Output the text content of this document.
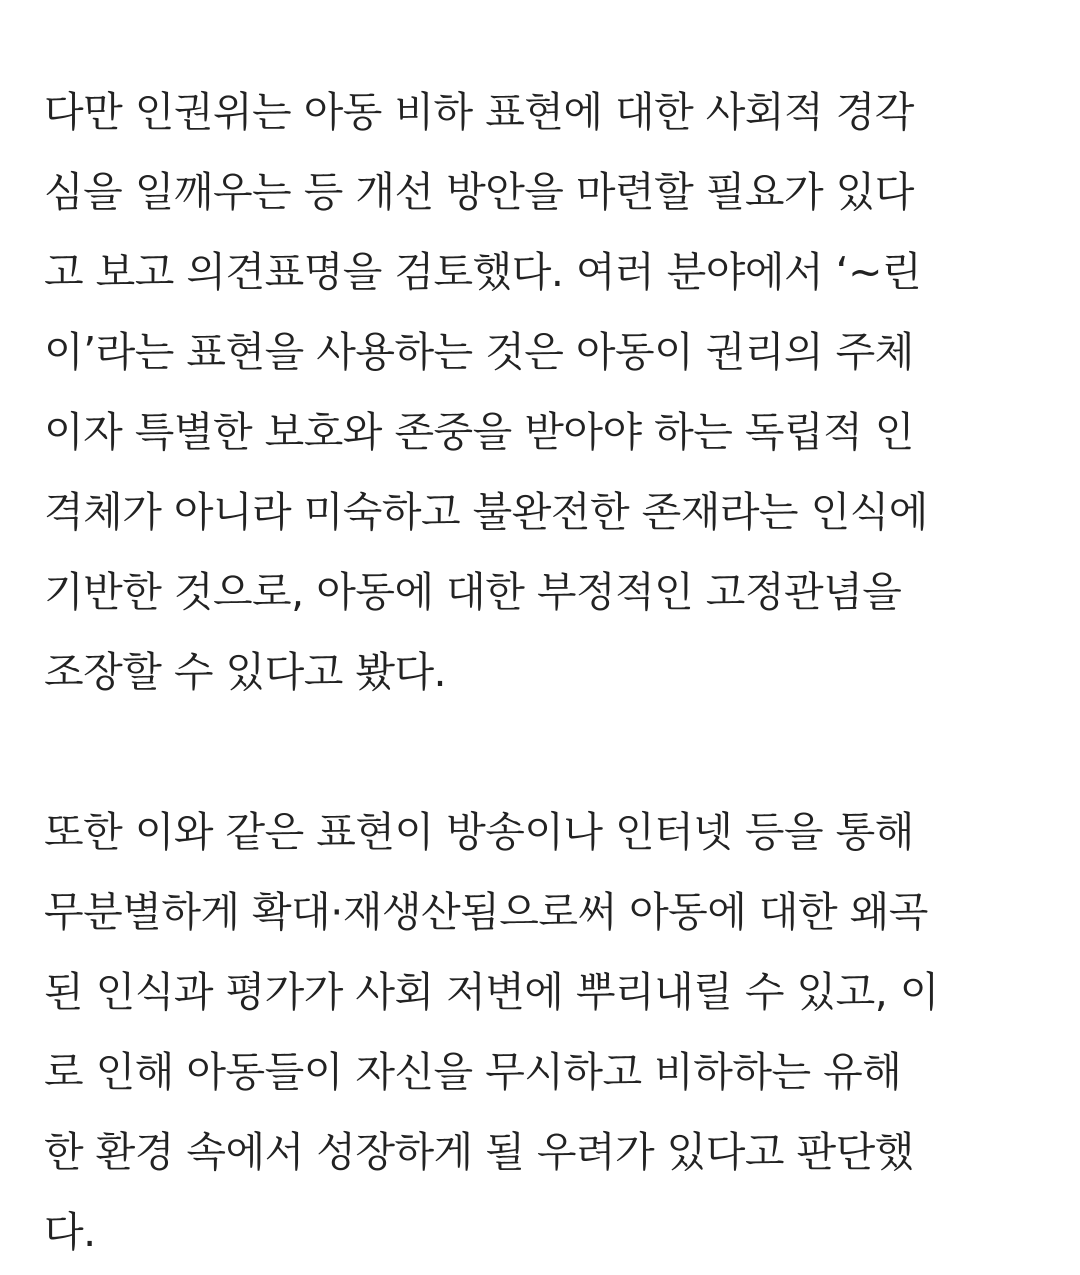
다만 인권위는 아동 비하 표현에 대한 사회적 경각
심을 일깨우는 등 개선 방안을 마련할 필요가 있다
고 보고 의견표명을 검토했다. 여러 분야에서 ‘~린
이’라는 표현을 사용하는 것은 아동이 권리의 주체
이자 특별한 보호와 존중을 받아야 하는 독립적 인
격체가 아니라 미숙하고 불완전한 존재라는 인식에
기반한 것으로, 아동에 대한 부정적인 고정관념을
조장할 수 있다고 봤다.
또한 이와 같은 표현이 방송이나 인터넷 등을 통해
무분별하게 확대·재생산됨으로써 아동에 대한 왜곡
된 인식과 평가가 사회 저변에 뿌리내릴 수 있고, 이
로 인해 아동들이 자신을 무시하고 비하하는 유해
한 환경 속에서 성장하게 될 우려가 있다고 판단했
다.
